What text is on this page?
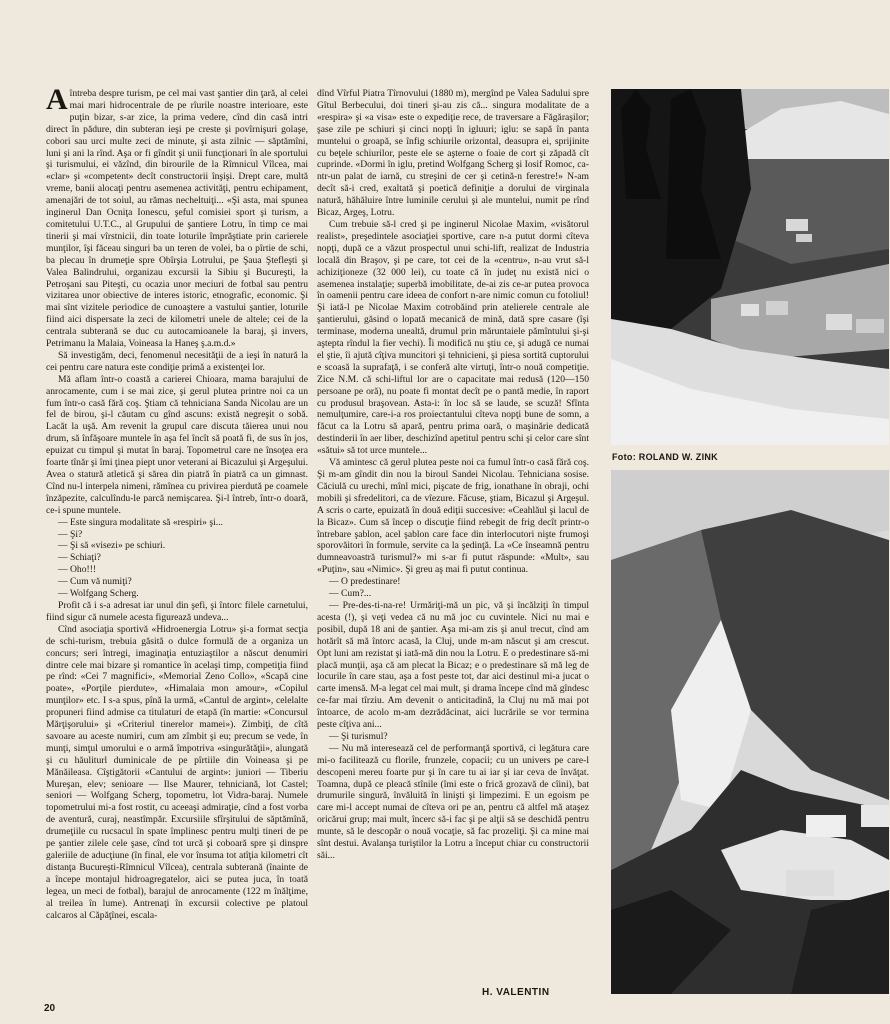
Aîntreba despre turism, pe cel mai vast şantier din ţară, al celei mai mari hidrocentrale de pe rîurile noastre interioare, este puţin bizar, s-ar zice, la prima vedere, cînd din casă intri direct în pădure, din subteran ieşi pe creste şi povîrnişuri golaşe, cobori sau urci multe zeci de minute, şi asta zilnic — săptămîni, luni şi ani la rînd. Aşa or fi gîndit şi unii funcţionari în ale sportului şi turismului, ei văzînd, din birourile de la Rîmnicul Vîlcea, mai «clar» şi «competent» decît constructorii înşişi. Drept care, multă vreme, banii alocaţi pentru asemenea activităţi, pentru echipament, amenajări de tot soiul, au rămas necheltuiţi... «Şi asta, mai spunea inginerul Dan Ocniţa Ionescu, şeful comisiei sport şi turism, a comitetului U.T.C., al Grupului de şantiere Lotru, în timp ce mai tinerii şi mai vîrstnicii, din toate loturile împrăştiate prin carierele munţilor, îşi făceau singuri ba un teren de volei, ba o pîrtie de schi, ba plecau în drumeţie spre Obîrşia Lotrului, pe Şaua Ştefleşti şi Valea Balindrului, organizau excursii la Sibiu şi Bucureşti, la Petroşani sau Piteşti, cu ocazia unor meciuri de fotbal sau pentru vizitarea unor obiective de interes istoric, etnografic, economic. Şi mai sînt vizitele periodice de cunoaştere a vastului şantier, loturile fiind aici dispersate la zeci de kilometri unele de altele; cei de la centrala subterană se duc cu autocamioanele la baraj, şi invers, Petrimanu la Malaia, Voineasa la Haneş ş.a.m.d.»

Să investigăm, deci, fenomenul necesităţii de a ieşi în natură la cei pentru care natura este condiţie primă a existenţei lor.

Mă aflam într-o coastă a carierei Chioara, mama barajului de anrocamente, cum i se mai zice, şi gerul plutea printre noi ca un fum într-o casă fără coş. Ştiam că tehniciana Sanda Nicolau are un fel de birou, şi-l căutam cu gînd ascuns: există negreşit o sobă. Lacăt la uşă. Am revenit la grupul care discuta tăierea unui nou drum, să înfăşoare muntele în aşa fel încît să poată fi, de sus în jos, epuizat cu timpul şi mutat în baraj. Topometrul care ne însoţea era foarte tînăr şi îmi ţinea piept unor veterani ai Bicazului şi Argeşului. Avea o statură atletică şi sărea din piatră în piatră ca un gimnast. Cînd nu-l interpela nimeni, rămînea cu privirea pierdută pe coamele înzăpezite, calculîndu-le parcă nemişcarea. Şi-l întreb, într-o doară, ce-i spune muntele.

— Este singura modalitate să «respiri» şi...

— Şi?

— Şi să «visezi» pe schiuri.

— Schiaţi?

— Oho!!!

— Cum vă numiţi?

— Wolfgang Scherg.

Profit că i s-a adresat iar unul din şefi, şi întorc filele carnetului, fiind sigur că numele acesta figurează undeva...

Cînd asociaţia sportivă «Hidroenergia Lotru» şi-a format secţia de schi-turism, trebuia găsită o dulce formulă de a organiza un concurs; seri întregi, imaginaţia entuziaştilor a născut denumiri dintre cele mai bizare şi romantice în acelaşi timp, competiţia fiind pe rînd: «Cei 7 magnifici», «Memorial Zeno Collo», «Scapă cine poate», «Porţile pierdute», «Himalaia mon amour», «Copilul munţilor» etc. I s-a spus, pînă la urmă, «Cantul de argint», celelalte propuneri fiind admise ca titulaturi de etapă (în martie: «Concursul Mărţişorului» şi «Criteriul tinerelor mamei»). Zimbiţi, de cîtă savoare au aceste numiri, cum am zîmbit şi eu; precum se vede, în munţi, simţul umorului e o armă împotriva «singurătăţii», alungată şi cu hăuliturl duminicale de pe pîrtiile din Voineasa şi pe Mănăileasa. Cîştigătorii «Cantului de argint»: juniori — Tiberiu Mureşan, elev; senioare — Ilse Maurer, tehniciană, lot Castel; seniori — Wolfgang Scherg, topometru, lot Vidra-baraj. Numele topometrului mi-a fost rostit, cu aceeaşi admiraţie, cînd a fost vorba de aventură, curaj, neastîmpăr. Excursiile sfîrşitului de săptămînă, drumeţiile cu rucsacul în spate împlinesc pentru mulţi tineri de pe pe şantier zilele cele şase, cînd tot urcă şi coboară spre şi dinspre galeriile de aducţiune (în final, ele vor însuma tot atîţia kilometri cît distanţa Bucureşti-Rîmnicul Vîlcea), centrala subterană (înainte de a începe montajul hidroagregatelor, aici se putea juca, în toată legea, un meci de fotbal), barajul de anrocamente (122 m înălţime, al treilea în lume). Antrenaţi în excursii colective pe platoul calcaros al Căpăţînei, escala-

dînd Vîrful Piatra Tîrnovului (1880 m), mergînd pe Valea Sadului spre Gîtul Berbecului, doi tineri şi-au zis că... singura modalitate de a «respira» şi «a visa» este o expediţie rece, de traversare a Făgăraşilor; şase zile pe schiuri şi cinci nopţi în igluuri; iglu: se sapă în panta muntelui o groapă, se înfig schiurile orizontal, deasupra ei, sprijinite cu beţele schiurilor, peste ele se aşterne o foaie de cort şi zăpadă cît cuprinde. «Dormi în iglu, pretind Wolfgang Scherg şi Iosif Romoc, ca-ntr-un palat de iarnă, cu streşini de cer şi cetină-n ferestre!» N-am decît să-i cred, exaltată şi poetică definiţie a dorului de virginala natură, hăhăluire între luminile cerului şi ale muntelui, numit pe rînd Bicaz, Argeş, Lotru.

Cum trebuie să-l cred şi pe inginerul Nicolae Maxim, «visătorul realist», preşedintele asociaţiei sportive, care n-a putut dormi cîteva nopţi, după ce a văzut prospectul unui schi-lift, realizat de Industria locală din Braşov, şi pe care, tot cei de la «centru», n-au vrut să-l achiziţioneze (32 000 lei), cu toate că în judeţ nu există nici o asemenea instalaţie; superbă imobilitate, de-ai zis ce-ar putea provoca în oamenii pentru care ideea de confort n-are nimic comun cu fotoliul! Şi iată-l pe Nicolae Maxim cotrobăind prin atelierele centrale ale şantierului, găsind o lopată mecanică de mină, dată spre casare (îşi terminase, moderna unealtă, drumul prin măruntaiele pămîntului şi-şi aştepta rîndul la fier vechi). Îi modifică nu ştiu ce, şi adugă ce numai el ştie, îi ajută cîţiva muncitori şi tehnicieni, şi piesa sortită cuptorului e scoasă la suprafaţă, i se conferă alte virtuţi, într-o nouă competiţie. Zice N.M. că schi-liftul lor are o capacitate mai redusă (120—150 persoane pe oră), nu poate fi montat decît pe o pantă medie, în raport cu produsul braşovean. Asta-i: în loc să se laude, se scuză! Sfînta nemulţumire, care-i-a ros proiectantului cîteva nopţi bune de somn, a făcut ca la Lotru să apară, pentru prima oară, o maşinărie dedicată destinderii în aer liber, deschizînd apetitul pentru schi şi celor care sînt «sătui» să tot urce muntele...

Vă amintesc că gerul plutea peste noi ca fumul într-o casă fără coş. Şi m-am gîndit din nou la biroul Sandei Nicolau. Tehniciana sosise. Căciulă cu urechi, mînl mici, pişcate de frig, ionathane în obraji, ochi mobili şi sfredelitori, ca de vîezure. Făcuse, ştiam, Bicazul şi Argeşul. A scris o carte, epuizată în două ediţii succesive: «Ceahlăul şi lacul de la Bicaz». Cum să încep o discuţie fiind rebegit de frig decît printr-o întrebare şablon, acel şablon care face din interlocutori nişte frumoşi sporovăitori în formule, servite ca la şedinţă. La «Ce înseamnă pentru dumneavoastră turismul?» mi s-ar fi putut răspunde: «Mult», sau «Puţin», sau «Nimic». Şi greu aş mai fi putut continua.

— O predestinare!

— Cum?...

— Pre-des-ti-na-re! Urmăriţi-mă un pic, vă şi încălziţi în timpul acesta (!), şi veţi vedea că nu mă joc cu cuvintele. Nici nu mai e posibil, după 18 ani de şantier. Aşa mi-am zis şi anul trecut, cînd am hotărît să mă întorc acasă, la Cluj, unde m-am născut şi am crescut. Opt luni am rezistat şi iată-mă din nou la Lotru. E o predestinare să-mi placă munţii, aşa că am plecat la Bicaz; e o predestinare să mă leg de locurile în care stau, aşa a fost peste tot, dar aici destinul mi-a jucat o carte imensă. M-a legat cel mai mult, şi drama începe cînd mă gîndesc ce-far mai tîrziu. Am devenit o anticitadină, la Cluj nu mă mai pot întoarce, de acolo m-am dezrădăcinat, aici lucrările se vor termina peste cîţiva ani...

— Şi turismul?

— Nu mă interesează cel de performanţă sportivă, ci legătura care mi-o facilitează cu florile, frunzele, copacii; cu un univers pe care-l descopeni mereu foarte pur şi în care tu ai iar şi iar ceva de învăţat. Toamna, după ce pleacă stînile (îmi este o frică grozavă de cîini), bat drumurile singură, învăluită în linişti şi limpezimi. E un egoism pe care mi-l accept numai de cîteva ori pe an, pentru că altfel mă ataşez oricărui grup; mai mult, încerc să-i fac şi pe alţii să se deschidă pentru munte, să le descopăr o nouă vocaţie, să fac prozeliţi. Şi ca mine mai sînt destui. Avalanşa turiştilor la Lotru a început chiar cu constructorii săi...

H. VALENTIN
20
Foto: ROLAND W. ZINK
